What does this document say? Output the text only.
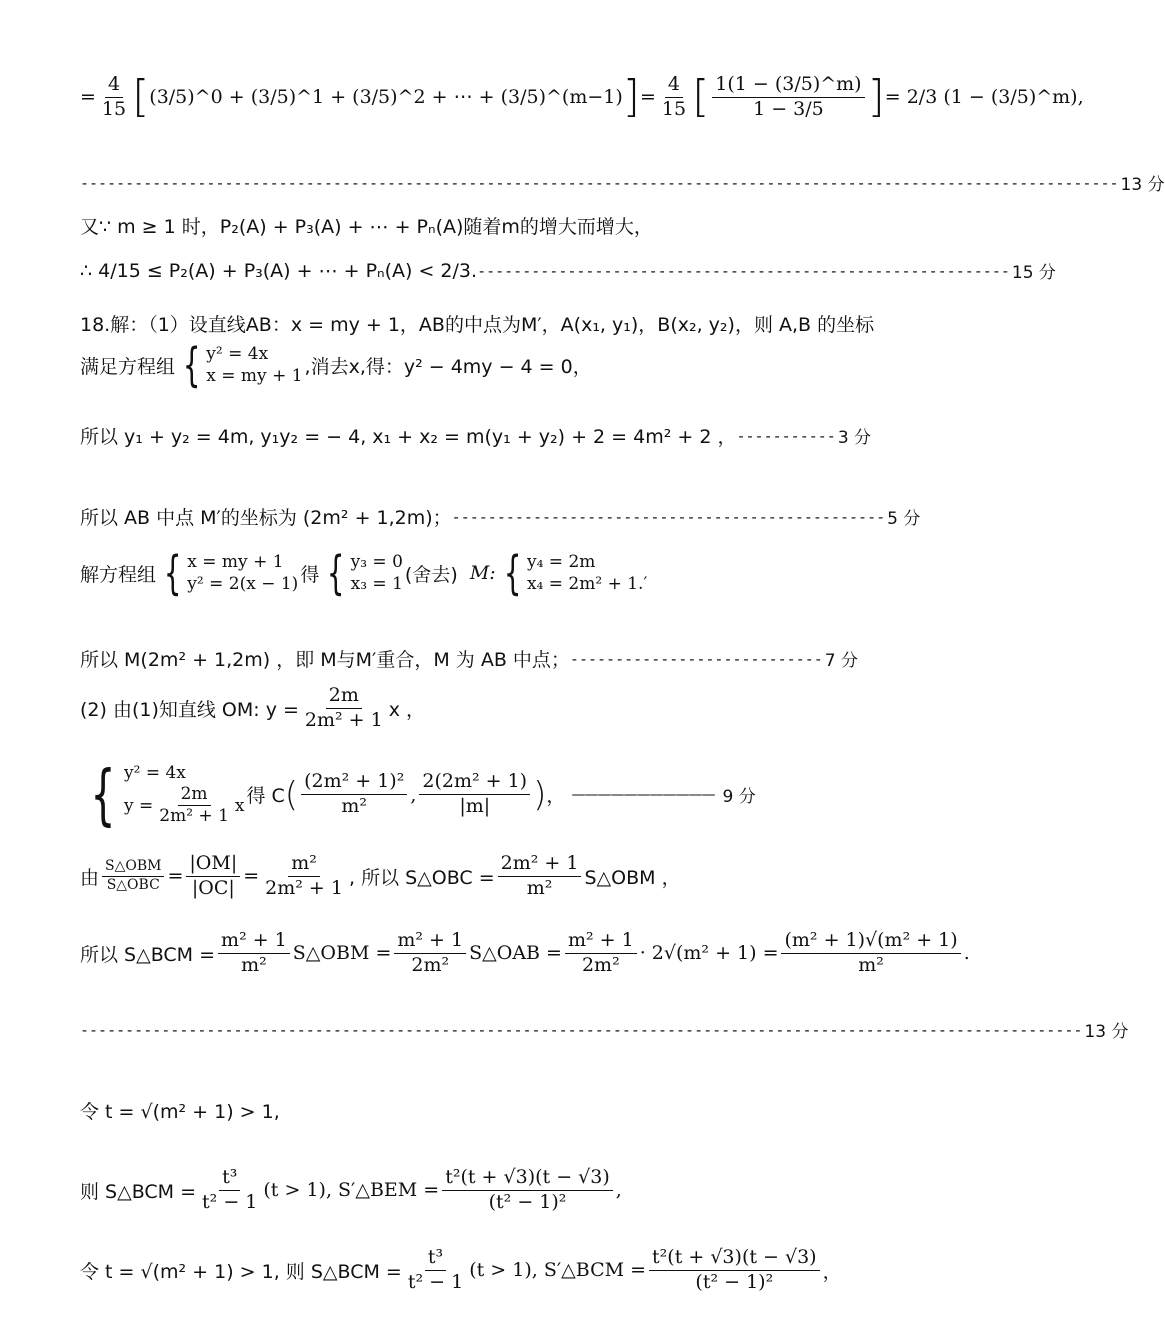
= $\frac{4}{15}$ [ (3/5)^0
+
(3/5)^1
+
(3/5)^2
+ ⋯ +
(3/5)^(m−1) ] = $\frac{4}{15}$ [ $\frac{1(1 - (3/5)\^{}m)}{1 - 3/5}$ ] =
2/3 (1 − (3/5)^m),
------------------------------------------------------------------------------------------------------------------- 13 分
又∵ m ≥ 1 时，P₂(A) + P₃(A) + ⋯ + Pₙ(A)随着m的增大而增大，
∴ 4/15 ≤ P₂(A) + P₃(A) + ⋯ + Pₙ(A) < 2/3. ----------------------------------------------------------- 15 分
18.解：（1）设直线AB：x = my + 1，AB的中点为M′，A(x₁, y₁)，B(x₂, y₂)，则 A,B 的坐标
满足方程组 { y² = 4x
x = my + 1 ,消去x,得：y² − 4my − 4 = 0，
所以 y₁ + y₂ = 4m, y₁y₂ = − 4, x₁ + x₂ = m(y₁ + y₂) + 2 = 4m² + 2 ， ----------- 3 分
所以 AB 中点 M′的坐标为 (2m² + 1,2m)； ------------------------------------------------ 5 分
解方程组 { x = my + 1
y² = 2(x − 1) 得 { y₃ = 0
x₃ = 1 (舍去)
M: { y₄ = 2m
x₄ = 2m² + 1.′
所以 M(2m² + 1,2m) ，即 M与M′重合，M 为 AB 中点； ---------------------------- 7 分
(2) 由(1)知直线 OM: $y = \frac{2m}{\text{2m² + 1}}$ x ，
{ y² = 4x
$y = \frac{2m}{\text{2m² + 1}}$ x 得 C ( $\frac{\text{(2m² + 1)²}}{\text{m²}}$ , $\frac{\text{2(2m² + 1)}}{|m|}$ ) ，
———————————
9 分
由 $\frac{\text{S△OBM}}{\text{S△OBC}} = \frac{|OM|}{|OC|} = \frac{\text{m²}}{\text{2m² + 1}}$ , 所以 S△OBC = $\frac{\text{2m² + 1}}{\text{m²}}$ S△OBM ，
所以 S△BCM = $\frac{\text{m² + 1}}{\text{m²}}$ S△OBM = $\frac{\text{m² + 1}}{\text{2m²}}$ S△OAB = $\frac{\text{m² + 1}}{\text{2m²}} \cdot 2√(m^2 + 1) = \frac{\text{(m² + 1)√(m² + 1)}}{\text{m²}}$ .
--------------------------------------------------------------------------------------------------------------- 13 分
令 t = √(m² + 1) > 1,
则 S△BCM = $\frac{\text{t³}}{\text{t² − 1}} (t > 1)$, S′△BEM = $\frac{\text{t²(t + √3)(t − √3)}}{\text{(t² − 1)²}}$ ,
令 t = √(m² + 1) > 1, 则 S△BCM = $\frac{\text{t³}}{\text{t² − 1}} (t > 1)$, S′△BCM = $\frac{\text{t²(t + √3)(t − √3)}}{\text{(t² − 1)²}}$ ，
